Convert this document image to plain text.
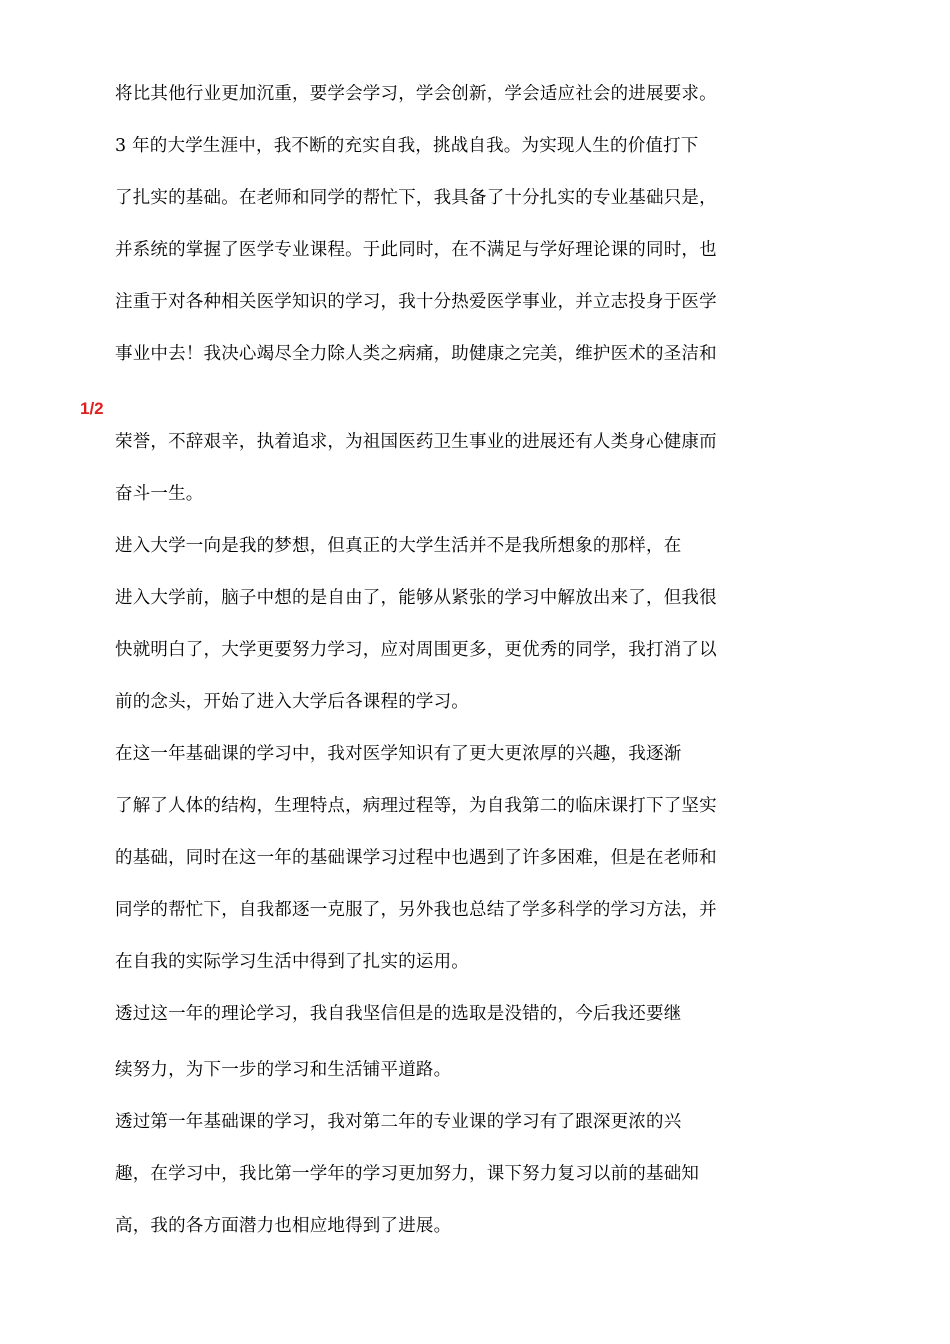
1/2
将比其他行业更加沉重，要学会学习，学会创新，学会适应社会的进展要求。
3 年的大学生涯中，我不断的充实自我，挑战自我。为实现人生的价值打下
了扎实的基础。在老师和同学的帮忙下，我具备了十分扎实的专业基础只是，
并系统的掌握了医学专业课程。于此同时，在不满足与学好理论课的同时，也
注重于对各种相关医学知识的学习，我十分热爱医学事业，并立志投身于医学
事业中去！我决心竭尽全力除人类之病痛，助健康之完美，维护医术的圣洁和
荣誉，不辞艰辛，执着追求，为祖国医药卫生事业的进展还有人类身心健康而
奋斗一生。
进入大学一向是我的梦想，但真正的大学生活并不是我所想象的那样，在
进入大学前，脑子中想的是自由了，能够从紧张的学习中解放出来了，但我很
快就明白了，大学更要努力学习，应对周围更多，更优秀的同学，我打消了以
前的念头，开始了进入大学后各课程的学习。
在这一年基础课的学习中，我对医学知识有了更大更浓厚的兴趣，我逐渐
了解了人体的结构，生理特点，病理过程等，为自我第二的临床课打下了坚实
的基础，同时在这一年的基础课学习过程中也遇到了许多困难，但是在老师和
同学的帮忙下，自我都逐一克服了，另外我也总结了学多科学的学习方法，并
在自我的实际学习生活中得到了扎实的运用。
透过这一年的理论学习，我自我坚信但是的选取是没错的，今后我还要继
续努力，为下一步的学习和生活铺平道路。
透过第一年基础课的学习，我对第二年的专业课的学习有了跟深更浓的兴
趣，在学习中，我比第一学年的学习更加努力，课下努力复习以前的基础知
高，我的各方面潜力也相应地得到了进展。
